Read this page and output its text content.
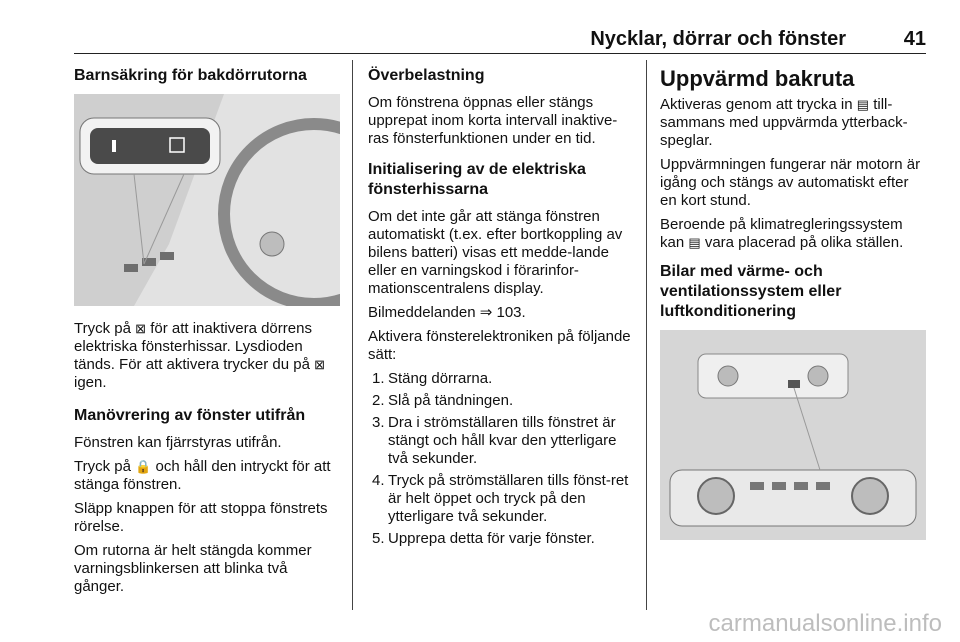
Nycklar, dörrar och fönster	41
Barnsäkring för bakdörrutorna

Tryck på ⊠ för att inaktivera dörrens elektriska fönsterhissar. Lysdioden tänds. För att aktivera trycker du på ⊠ igen.

Manövrering av fönster utifrån

Fönstren kan fjärrstyras utifrån.

Tryck på 🔒 och håll den intryckt för att stänga fönstren.

Släpp knappen för att stoppa fönstrets rörelse.

Om rutorna är helt stängda kommer varningsblinkersen att blinka två gånger.

Överbelastning

Om fönstrena öppnas eller stängs upprepat inom korta intervall inaktive-ras fönsterfunktionen under en tid.

Initialisering av de elektriska fönsterhissarna

Om det inte går att stänga fönstren automatiskt (t.ex. efter bortkoppling av bilens batteri) visas ett medde-lande eller en varningskod i förarinfor-mationscentralens display.

Bilmeddelanden ⇒ 103.

Aktivera fönsterelektroniken på följande sätt:

1. Stäng dörrarna.
2. Slå på tändningen.
3. Dra i strömställaren tills fönstret är stängt och håll kvar den ytterligare två sekunder.
4. Tryck på strömställaren tills fönst-ret är helt öppet och tryck på den ytterligare två sekunder.
5. Upprepa detta för varje fönster.
Uppvärmd bakruta

Aktiveras genom att trycka in ▤ till-sammans med uppvärmda ytterback-speglar.

Uppvärmningen fungerar när motorn är igång och stängs av automatiskt efter en kort stund.

Beroende på klimatregleringssystem kan ▤ vara placerad på olika ställen.

Bilar med värme- och ventilationssystem eller luftkonditionering
carmanualsonline.info
